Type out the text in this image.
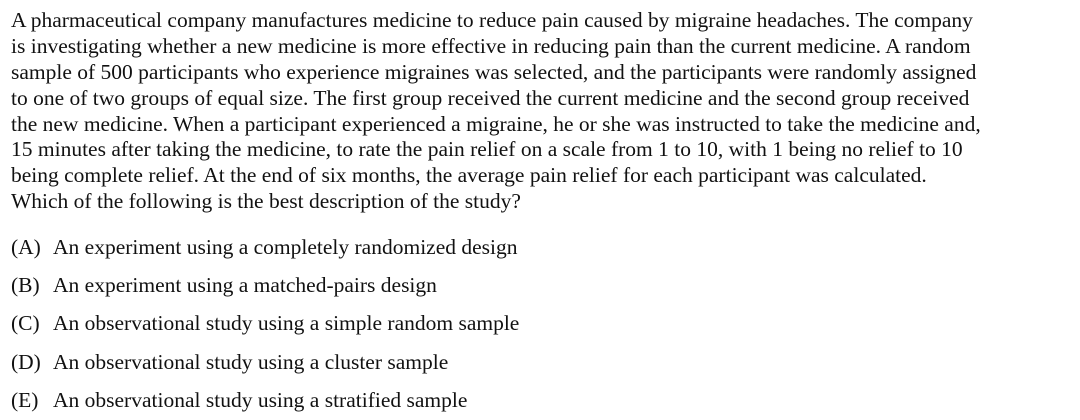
A pharmaceutical company manufactures medicine to reduce pain caused by migraine headaches. The company
is investigating whether a new medicine is more effective in reducing pain than the current medicine. A random
sample of 500 participants who experience migraines was selected, and the participants were randomly assigned
to one of two groups of equal size. The first group received the current medicine and the second group received
the new medicine. When a participant experienced a migraine, he or she was instructed to take the medicine and,
15 minutes after taking the medicine, to rate the pain relief on a scale from 1 to 10, with 1 being no relief to 10
being complete relief. At the end of six months, the average pain relief for each participant was calculated.
Which of the following is the best description of the study?
(A) An experiment using a completely randomized design
(B) An experiment using a matched-pairs design
(C) An observational study using a simple random sample
(D) An observational study using a cluster sample
(E) An observational study using a stratified sample
